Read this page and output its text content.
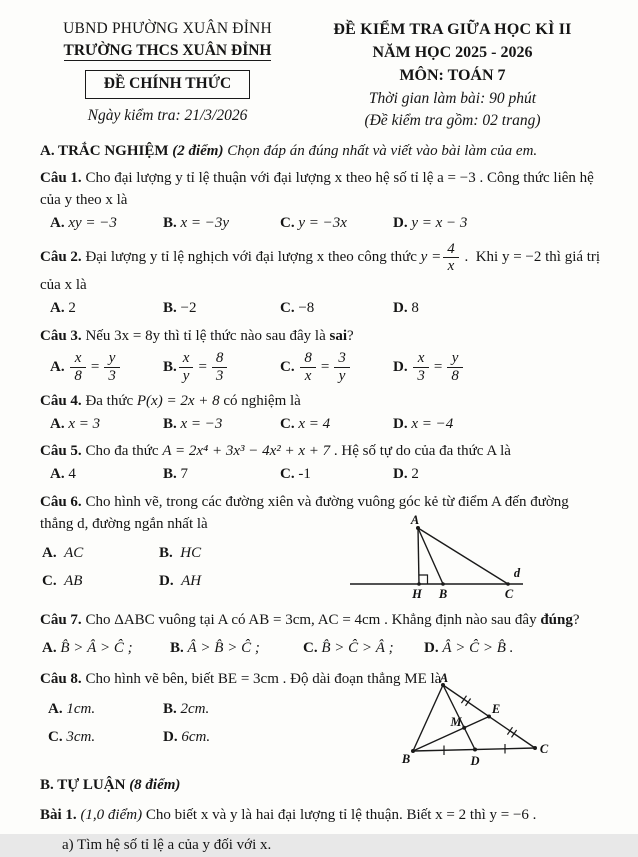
UBND PHƯỜNG XUÂN ĐỈNH
TRƯỜNG THCS XUÂN ĐỈNH
ĐỀ CHÍNH THỨC
Ngày kiểm tra: 21/3/2026
ĐỀ KIỂM TRA GIỮA HỌC KÌ II
NĂM HỌC 2025 - 2026
MÔN: TOÁN 7
Thời gian làm bài: 90 phút
(Đề kiểm tra gồm: 02 trang)
A. TRẮC NGHIỆM (2 điểm) Chọn đáp án đúng nhất và viết vào bài làm của em.
Câu 1. Cho đại lượng y tỉ lệ thuận với đại lượng x theo hệ số tỉ lệ a = −3 . Công thức liên hệ
của y theo x là
A. xy = −3	B. x = −3y	C. y = −3x	D. y = x − 3
Câu 2.
Đại lượng y tỉ lệ nghịch với đại lượng x theo công thức $y = \frac{4}{x}$ .  Khi y = −2 thì giá trị
của x là
A. 2	B. −2	C. −8	D. 8
Câu 3. Nếu 3x = 8y thì tỉ lệ thức nào sau đây là sai?
A.
$\frac{x}{8} = \frac{y}{3}$	B. $\frac{x}{y} = \frac{8}{3}$	C.
$\frac{8}{x} = \frac{3}{y}$	D.
$\frac{x}{3} = \frac{y}{8}$
Câu 4. Đa thức P(x) = 2x + 8 có nghiệm là
A. x = 3	B. x = −3	C. x = 4	D. x = −4
Câu 5. Cho đa thức A = 2x⁴ + 3x³ − 4x² + x + 7 . Hệ số tự do của đa thức A là
A. 4	B. 7	C. -1	D. 2
Câu 6. Cho hình vẽ, trong các đường xiên và đường vuông góc kẻ từ điểm A đến đường
thẳng d, đường ngắn nhất là
A. AC	B. HC
C. AB	D. AH
A
H B	C
d
Câu 7. Cho ΔABC vuông tại A có AB = 3cm, AC = 4cm . Khẳng định nào sau đây đúng?
A. B̂ > Â > Ĉ ;	B. Â > B̂ > Ĉ ;	C. B̂ > Ĉ > Â ;	D. Â > Ĉ > B̂ .
Câu 8. Cho hình vẽ bên, biết BE = 3cm . Độ dài đoạn thẳng ME là
A. 1cm.	B. 2cm.
C. 3cm.	D. 6cm.
A
B
C
D
E
M
B. TỰ LUẬN (8 điểm)
Bài 1. (1,0 điểm) Cho biết x và y là hai đại lượng tỉ lệ thuận. Biết x = 2 thì y = −6 .
a) Tìm hệ số tỉ lệ a của y đối với x.
